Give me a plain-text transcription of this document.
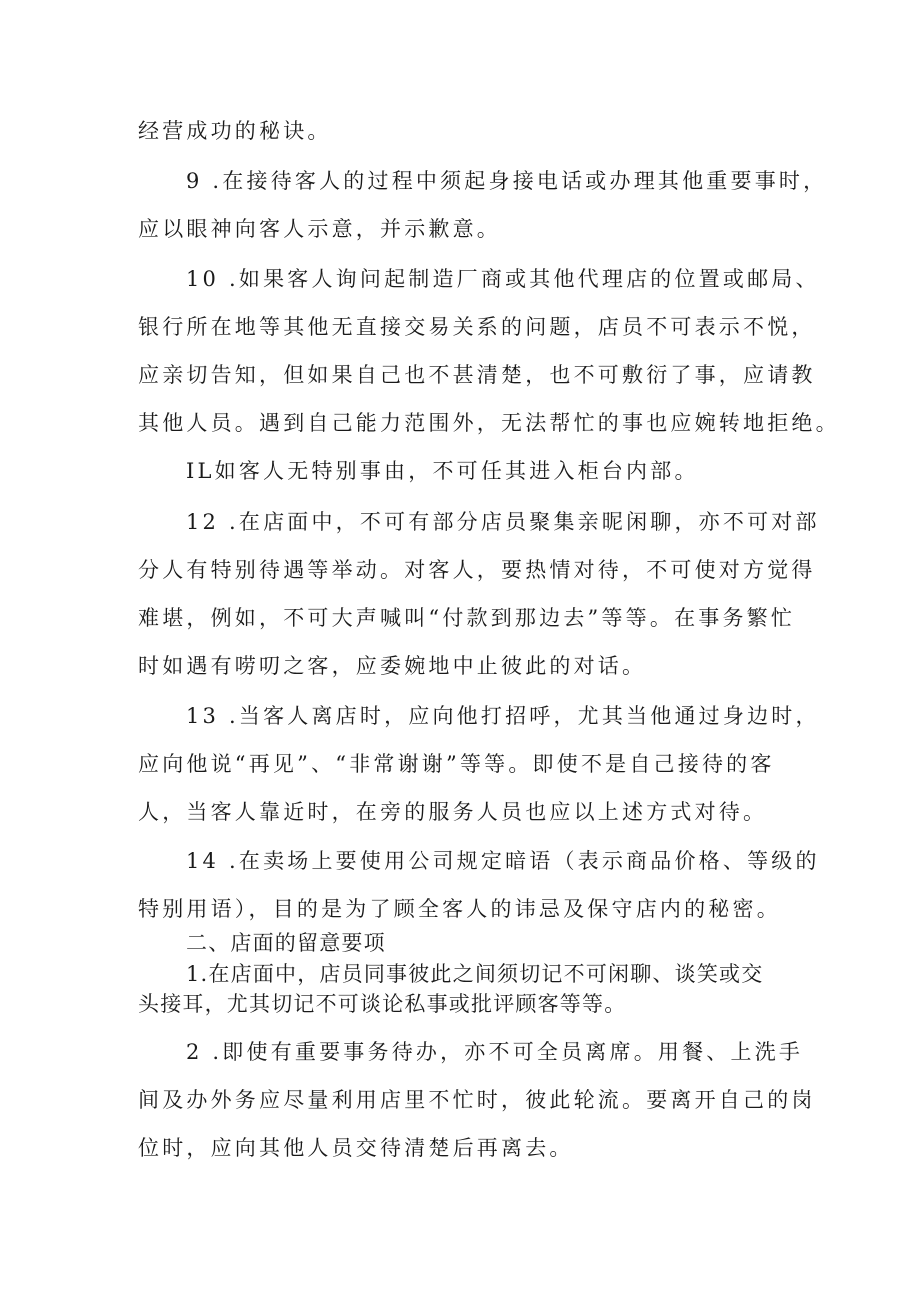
经营成功的秘诀。
9 .在接待客人的过程中须起身接电话或办理其他重要事时，
应以眼神向客人示意，并示歉意。
10 .如果客人询问起制造厂商或其他代理店的位置或邮局、
银行所在地等其他无直接交易关系的问题，店员不可表示不悦，
应亲切告知，但如果自己也不甚清楚，也不可敷衍了事，应请教
其他人员。遇到自己能力范围外，无法帮忙的事也应婉转地拒绝。
IL如客人无特别事由，不可任其进入柜台内部。
12 .在店面中，不可有部分店员聚集亲昵闲聊，亦不可对部
分人有特别待遇等举动。对客人，要热情对待，不可使对方觉得
难堪，例如，不可大声喊叫“付款到那边去”等等。在事务繁忙
时如遇有唠叨之客，应委婉地中止彼此的对话。
13 .当客人离店时，应向他打招呼，尤其当他通过身边时，
应向他说“再见”、“非常谢谢”等等。即使不是自己接待的客
人，当客人靠近时，在旁的服务人员也应以上述方式对待。
14 .在卖场上要使用公司规定暗语（表示商品价格、等级的
特别用语），目的是为了顾全客人的讳忌及保守店内的秘密。
二、店面的留意要项
1.在店面中，店员同事彼此之间须切记不可闲聊、谈笑或交
头接耳，尤其切记不可谈论私事或批评顾客等等。
2 .即使有重要事务待办，亦不可全员离席。用餐、上洗手
间及办外务应尽量利用店里不忙时，彼此轮流。要离开自己的岗
位时，应向其他人员交待清楚后再离去。
